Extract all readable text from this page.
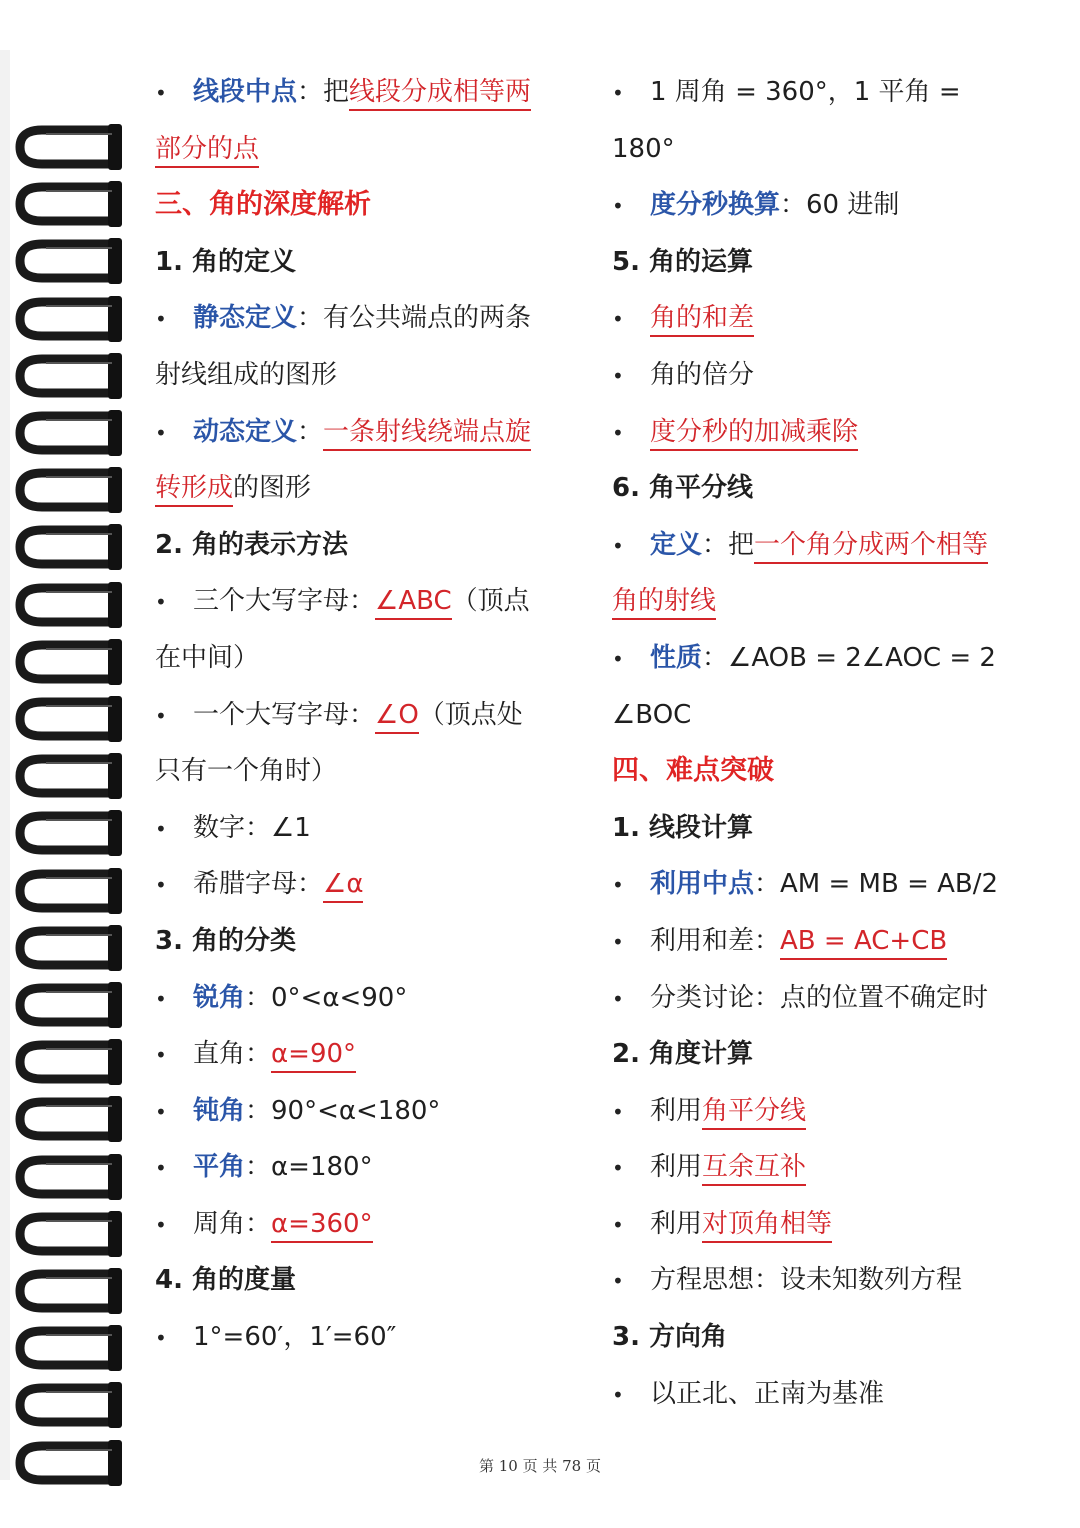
•线段中点：把线段分成相等两
部分的点
三、角的深度解析
1. 角的定义
•静态定义：有公共端点的两条
射线组成的图形
•动态定义：一条射线绕端点旋
转形成的图形
2. 角的表示方法
•三个大写字母：∠ABC（顶点
在中间）
•一个大写字母：∠O（顶点处
只有一个角时）
•数字：∠1
•希腊字母：∠α
3. 角的分类
•锐角：0°<α<90°
•直角：α=90°
•钝角：90°<α<180°
•平角：α=180°
•周角：α=360°
4. 角的度量
•1°=60′，1′=60″
•1 周角 = 360°，1 平角 =
180°
•度分秒换算：60 进制
5. 角的运算
•角的和差
•角的倍分
•度分秒的加减乘除
6. 角平分线
•定义：把一个角分成两个相等
角的射线
•性质：∠AOB = 2∠AOC = 2
∠BOC
四、难点突破
1. 线段计算
•利用中点：AM = MB = AB/2
•利用和差：AB = AC+CB
•分类讨论：点的位置不确定时
2. 角度计算
•利用角平分线
•利用互余互补
•利用对顶角相等
•方程思想：设未知数列方程
3. 方向角
•以正北、正南为基准
第 10 页 共 78 页
